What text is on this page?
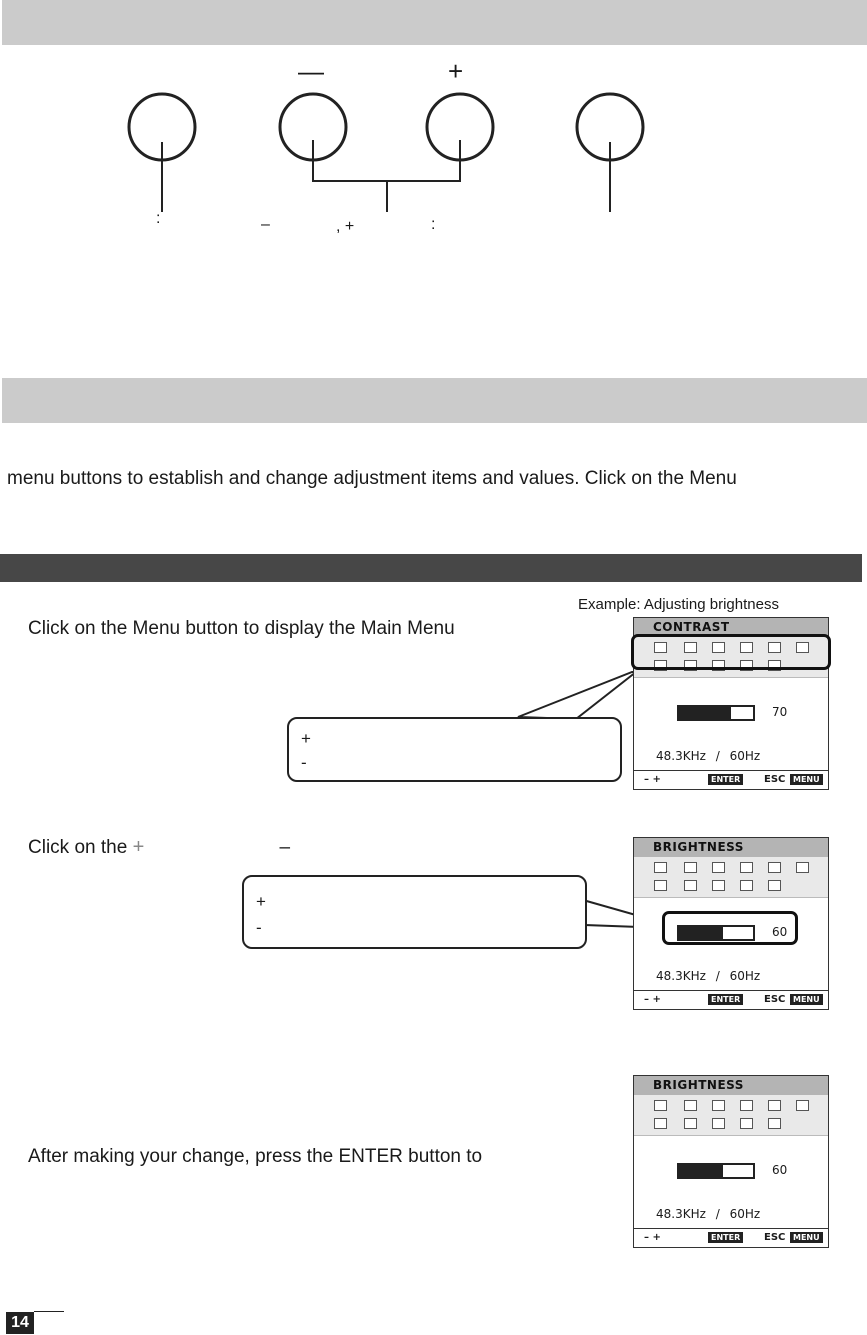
—	+
:	–	, +	:
menu buttons to establish and change adjustment items and values. Click on the Menu
Example: Adjusting brightness
Click on the Menu button to display the Main Menu
+
-
CONTRAST
70
48.3KHz / 60Hz
– +	ENTER	ESC MENU
Click on the +	–
+
-
BRIGHTNESS
60
48.3KHz / 60Hz
– +	ENTER	ESC MENU
After making your change, press the ENTER button to
BRIGHTNESS
60
48.3KHz / 60Hz
– +	ENTER	ESC MENU
14
